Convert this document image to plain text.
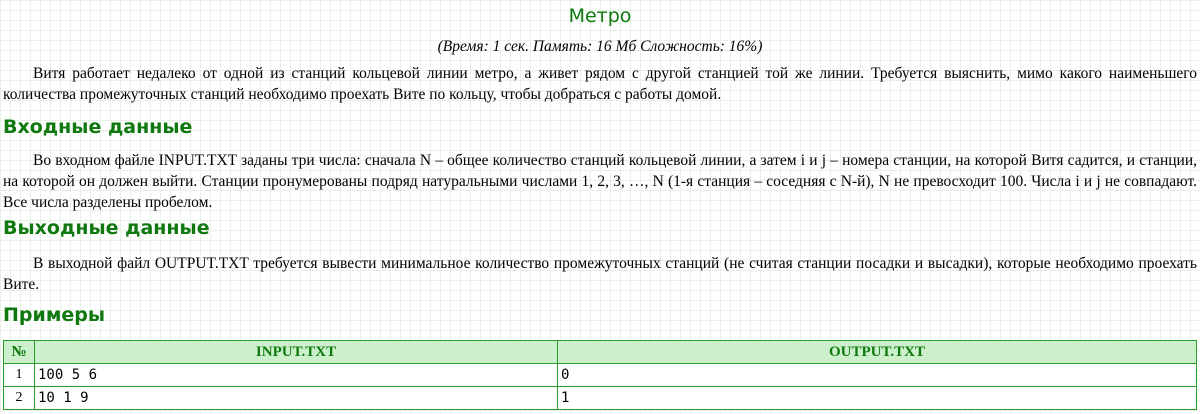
Метро
(Время: 1 сек. Память: 16 Мб Сложность: 16%)

Витя работает недалеко от одной из станций кольцевой линии метро, а живет рядом с другой станцией той же линии. Требуется выяснить, мимо какого наименьшего количества промежуточных станций необходимо проехать Вите по кольцу, чтобы добраться с работы домой.

Входные данные

Во входном файле INPUT.TXT заданы три числа: сначала N – общее количество станций кольцевой линии, а затем i и j – номера станции, на которой Витя садится, и станции, на которой он должен выйти. Станции пронумерованы подряд натуральными числами 1, 2, 3, …, N (1-я станция – соседняя с N-й), N не превосходит 100. Числа i и j не совпадают. Все числа разделены пробелом.

Выходные данные

В выходной файл OUTPUT.TXT требуется вывести минимальное количество промежуточных станций (не считая станции посадки и высадки), которые необходимо проехать Вите.

Примеры
№	INPUT.TXT	OUTPUT.TXT
1	100 5 6	0
2	10 1 9	1
